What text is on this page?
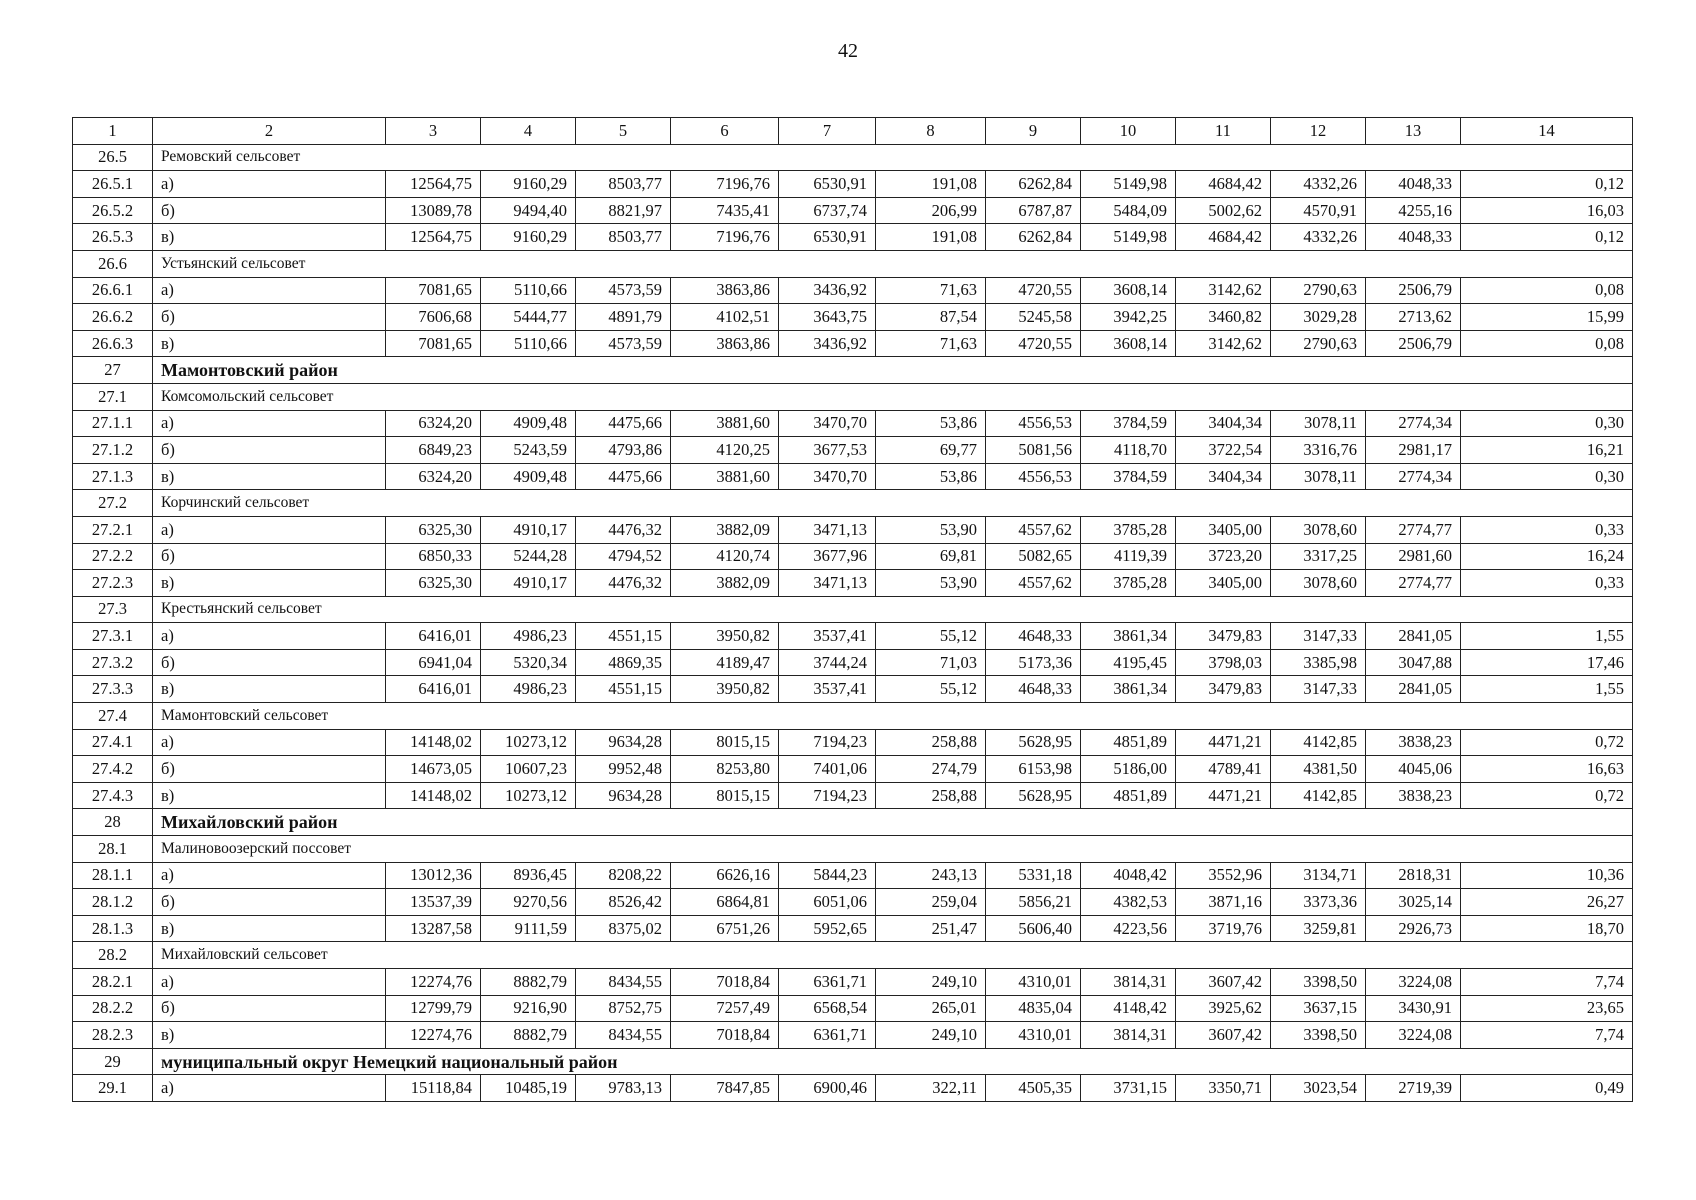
42
1	2	3	4	5	6	7	8	9	10	11	12	13	14
26.5	Ремовский сельсовет												
26.5.1	а)	12564,75	9160,29	8503,77	7196,76	6530,91	191,08	6262,84	5149,98	4684,42	4332,26	4048,33	0,12
26.5.2	б)	13089,78	9494,40	8821,97	7435,41	6737,74	206,99	6787,87	5484,09	5002,62	4570,91	4255,16	16,03
26.5.3	в)	12564,75	9160,29	8503,77	7196,76	6530,91	191,08	6262,84	5149,98	4684,42	4332,26	4048,33	0,12
26.6	Устьянский сельсовет												
26.6.1	а)	7081,65	5110,66	4573,59	3863,86	3436,92	71,63	4720,55	3608,14	3142,62	2790,63	2506,79	0,08
26.6.2	б)	7606,68	5444,77	4891,79	4102,51	3643,75	87,54	5245,58	3942,25	3460,82	3029,28	2713,62	15,99
26.6.3	в)	7081,65	5110,66	4573,59	3863,86	3436,92	71,63	4720,55	3608,14	3142,62	2790,63	2506,79	0,08
27	Мамонтовский район												
27.1	Комсомольский сельсовет												
27.1.1	а)	6324,20	4909,48	4475,66	3881,60	3470,70	53,86	4556,53	3784,59	3404,34	3078,11	2774,34	0,30
27.1.2	б)	6849,23	5243,59	4793,86	4120,25	3677,53	69,77	5081,56	4118,70	3722,54	3316,76	2981,17	16,21
27.1.3	в)	6324,20	4909,48	4475,66	3881,60	3470,70	53,86	4556,53	3784,59	3404,34	3078,11	2774,34	0,30
27.2	Корчинский сельсовет												
27.2.1	а)	6325,30	4910,17	4476,32	3882,09	3471,13	53,90	4557,62	3785,28	3405,00	3078,60	2774,77	0,33
27.2.2	б)	6850,33	5244,28	4794,52	4120,74	3677,96	69,81	5082,65	4119,39	3723,20	3317,25	2981,60	16,24
27.2.3	в)	6325,30	4910,17	4476,32	3882,09	3471,13	53,90	4557,62	3785,28	3405,00	3078,60	2774,77	0,33
27.3	Крестьянский сельсовет												
27.3.1	а)	6416,01	4986,23	4551,15	3950,82	3537,41	55,12	4648,33	3861,34	3479,83	3147,33	2841,05	1,55
27.3.2	б)	6941,04	5320,34	4869,35	4189,47	3744,24	71,03	5173,36	4195,45	3798,03	3385,98	3047,88	17,46
27.3.3	в)	6416,01	4986,23	4551,15	3950,82	3537,41	55,12	4648,33	3861,34	3479,83	3147,33	2841,05	1,55
27.4	Мамонтовский сельсовет												
27.4.1	а)	14148,02	10273,12	9634,28	8015,15	7194,23	258,88	5628,95	4851,89	4471,21	4142,85	3838,23	0,72
27.4.2	б)	14673,05	10607,23	9952,48	8253,80	7401,06	274,79	6153,98	5186,00	4789,41	4381,50	4045,06	16,63
27.4.3	в)	14148,02	10273,12	9634,28	8015,15	7194,23	258,88	5628,95	4851,89	4471,21	4142,85	3838,23	0,72
28	Михайловский район												
28.1	Малиновоозерский поссовет												
28.1.1	а)	13012,36	8936,45	8208,22	6626,16	5844,23	243,13	5331,18	4048,42	3552,96	3134,71	2818,31	10,36
28.1.2	б)	13537,39	9270,56	8526,42	6864,81	6051,06	259,04	5856,21	4382,53	3871,16	3373,36	3025,14	26,27
28.1.3	в)	13287,58	9111,59	8375,02	6751,26	5952,65	251,47	5606,40	4223,56	3719,76	3259,81	2926,73	18,70
28.2	Михайловский сельсовет												
28.2.1	а)	12274,76	8882,79	8434,55	7018,84	6361,71	249,10	4310,01	3814,31	3607,42	3398,50	3224,08	7,74
28.2.2	б)	12799,79	9216,90	8752,75	7257,49	6568,54	265,01	4835,04	4148,42	3925,62	3637,15	3430,91	23,65
28.2.3	в)	12274,76	8882,79	8434,55	7018,84	6361,71	249,10	4310,01	3814,31	3607,42	3398,50	3224,08	7,74
29	муниципальный округ Немецкий национальный район												
29.1	а)	15118,84	10485,19	9783,13	7847,85	6900,46	322,11	4505,35	3731,15	3350,71	3023,54	2719,39	0,49
